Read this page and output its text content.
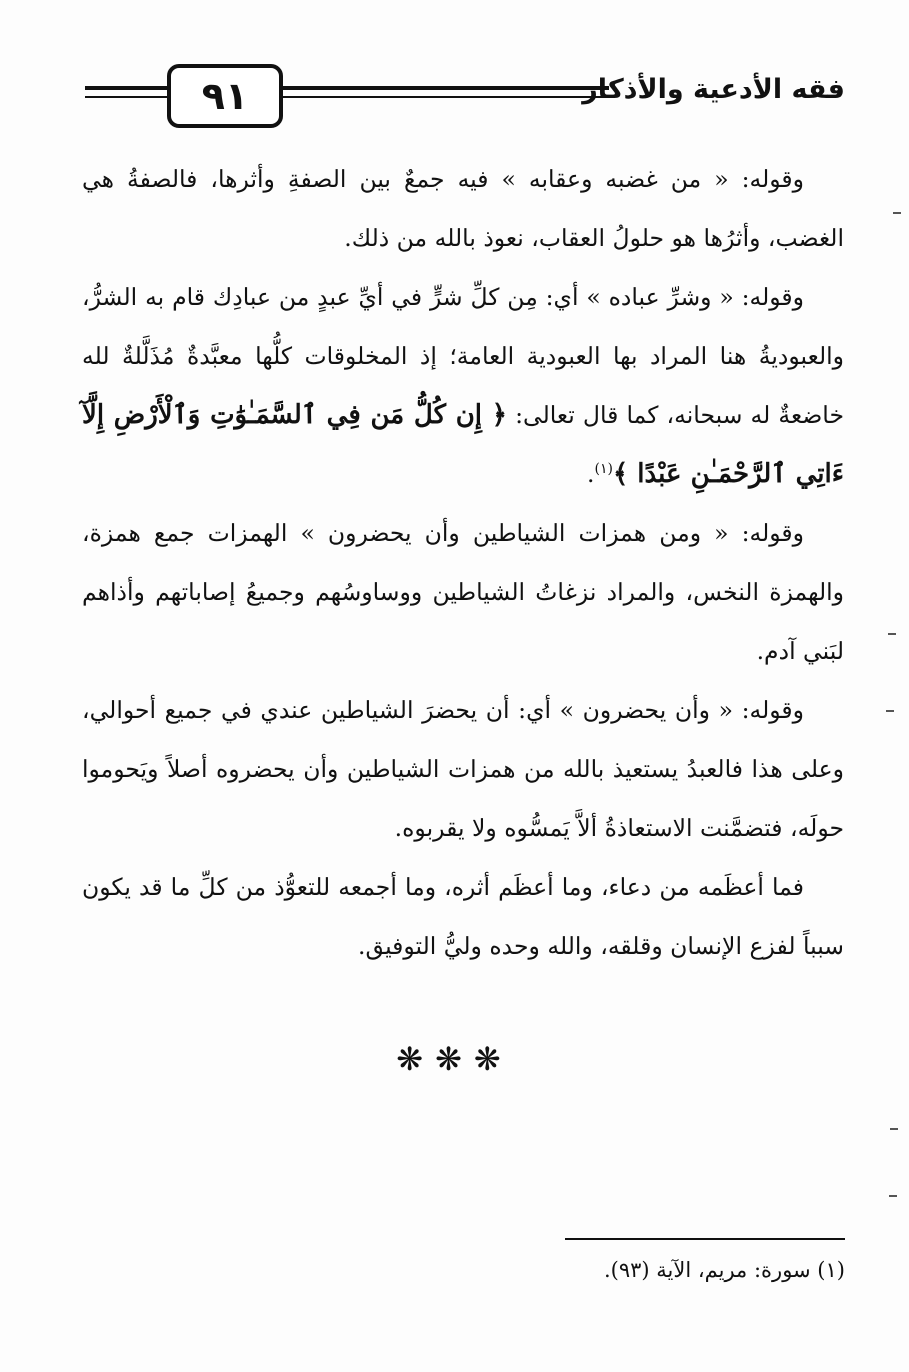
٩١	فقه الأدعية والأذكار

وقوله: « من غضبه وعقابه » فيه جمعٌ بين الصفةِ وأثرها، فالصفةُ هي الغضب، وأثرُها هو حلولُ العقاب، نعوذ بالله من ذلك.

وقوله: « وشرِّ عباده » أي: مِن كلِّ شرٍّ في أيِّ عبدٍ من عبادِك قام به الشرُّ، والعبوديةُ هنا المراد بها العبودية العامة؛ إذ المخلوقات كلُّها معبَّدةٌ مُذَلَّلةٌ لله خاضعةٌ له سبحانه، كما قال تعالى: ﴿ إِن كُلُّ مَن فِي ٱلسَّمَـٰوَٰتِ وَٱلْأَرْضِ إِلَّآ ءَاتِي ٱلرَّحْمَـٰنِ عَبْدًا ﴾$^{(١)}$.

وقوله: « ومن همزات الشياطين وأن يحضرون » الهمزات جمع همزة، والهمزة النخس، والمراد نزغاتُ الشياطين ووساوسُهم وجميعُ إصاباتهم وأذاهم لبَني آدم.

وقوله: « وأن يحضرون » أي: أن يحضرَ الشياطين عندي في جميع أحوالي، وعلى هذا فالعبدُ يستعيذ بالله من همزات الشياطين وأن يحضروه أصلاً ويَحوموا حولَه، فتضمَّنت الاستعاذةُ ألاَّ يَمسُّوه ولا يقربوه.

فما أعظَمه من دعاء، وما أعظَم أثره، وما أجمعه للتعوُّذ من كلِّ ما قد يكون سبباً لفزع الإنسان وقلقه، والله وحده وليُّ التوفيق.

❋❋❋
(١) سورة: مريم، الآية (٩٣).
